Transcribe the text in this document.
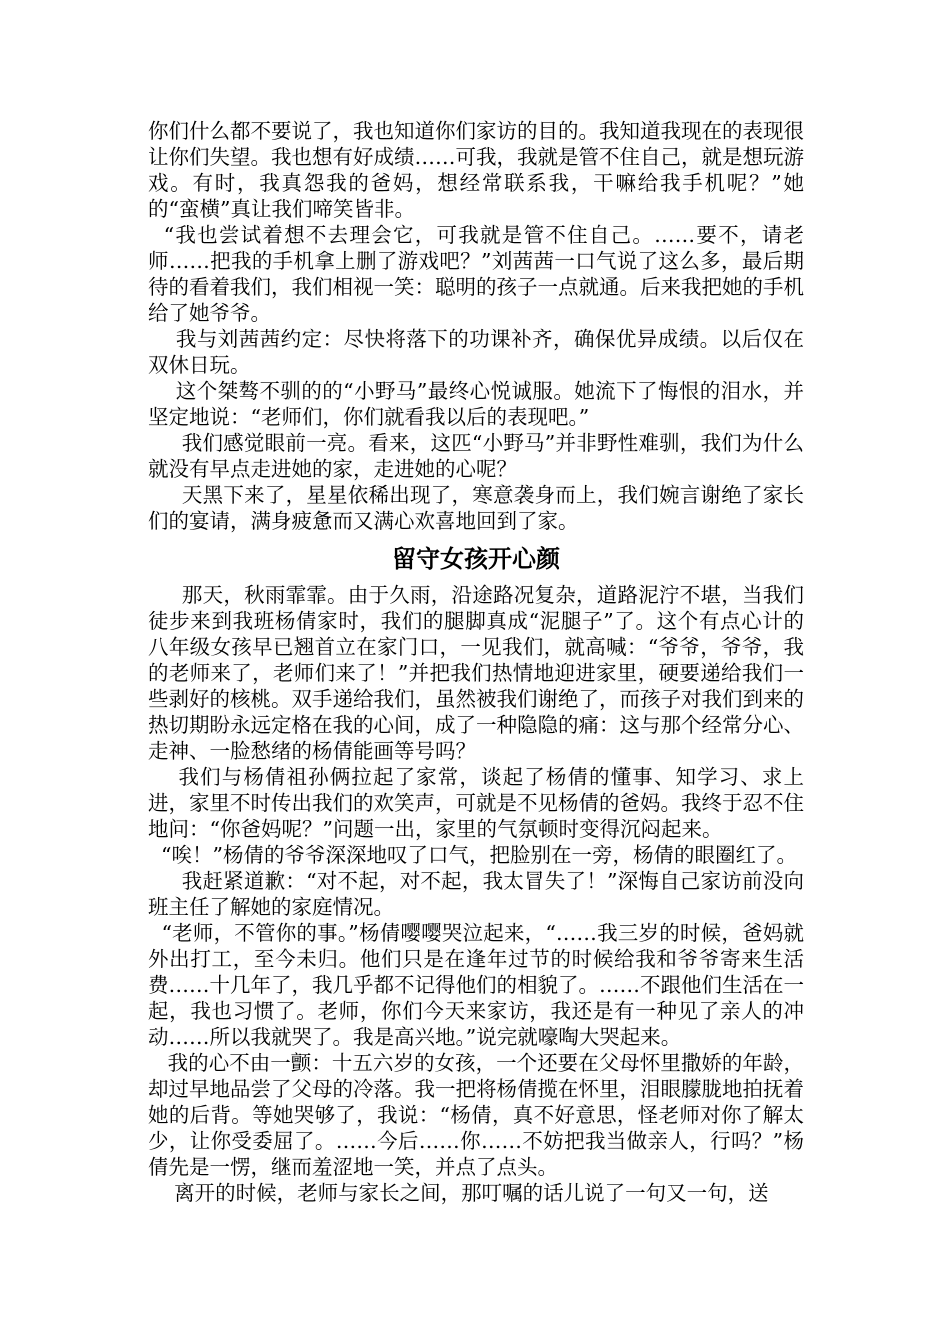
你们什么都不要说了，我也知道你们家访的目的。我知道我现在的表现很让你们失望。我也想有好成绩……可我，我就是管不住自己，就是想玩游戏。有时，我真怨我的爸妈，想经常联系我，干嘛给我手机呢？”她的“蛮横”真让我们啼笑皆非。

“我也尝试着想不去理会它，可我就是管不住自己。……要不，请老师……把我的手机拿上删了游戏吧？”刘茜茜一口气说了这么多，最后期待的看着我们，我们相视一笑：聪明的孩子一点就通。后来我把她的手机给了她爷爷。

我与刘茜茜约定：尽快将落下的功课补齐，确保优异成绩。以后仅在双休日玩。

这个桀骜不驯的的“小野马”最终心悦诚服。她流下了悔恨的泪水，并坚定地说：“老师们，你们就看我以后的表现吧。”

我们感觉眼前一亮。看来，这匹“小野马”并非野性难驯，我们为什么就没有早点走进她的家，走进她的心呢？

天黑下来了，星星依稀出现了，寒意袭身而上，我们婉言谢绝了家长们的宴请，满身疲惫而又满心欢喜地回到了家。

留守女孩开心颜

那天，秋雨霏霏。由于久雨，沿途路况复杂，道路泥泞不堪，当我们徒步来到我班杨倩家时，我们的腿脚真成“泥腿子”了。这个有点心计的八年级女孩早已翘首立在家门口，一见我们，就高喊：“爷爷，爷爷，我的老师来了，老师们来了！”并把我们热情地迎进家里，硬要递给我们一些剥好的核桃。双手递给我们，虽然被我们谢绝了，而孩子对我们到来的热切期盼永远定格在我的心间，成了一种隐隐的痛：这与那个经常分心、走神、一脸愁绪的杨倩能画等号吗？

我们与杨倩祖孙俩拉起了家常，谈起了杨倩的懂事、知学习、求上进，家里不时传出我们的欢笑声，可就是不见杨倩的爸妈。我终于忍不住地问：“你爸妈呢？”问题一出，家里的气氛顿时变得沉闷起来。

“唉！”杨倩的爷爷深深地叹了口气，把脸别在一旁，杨倩的眼圈红了。

我赶紧道歉：“对不起，对不起，我太冒失了！”深悔自己家访前没向班主任了解她的家庭情况。

“老师，不管你的事。”杨倩嘤嘤哭泣起来，“……我三岁的时候，爸妈就外出打工，至今未归。他们只是在逢年过节的时候给我和爷爷寄来生活费……十几年了，我几乎都不记得他们的相貌了。……不跟他们生活在一起，我也习惯了。老师，你们今天来家访，我还是有一种见了亲人的冲动……所以我就哭了。我是高兴地。”说完就嚎啕大哭起来。

我的心不由一颤：十五六岁的女孩，一个还要在父母怀里撒娇的年龄，却过早地品尝了父母的冷落。我一把将杨倩揽在怀里，泪眼朦胧地拍抚着她的后背。等她哭够了，我说：“杨倩，真不好意思，怪老师对你了解太少，让你受委屈了。……今后……你……不妨把我当做亲人，行吗？”杨倩先是一愣，继而羞涩地一笑，并点了点头。

离开的时候，老师与家长之间，那叮嘱的话儿说了一句又一句，送
